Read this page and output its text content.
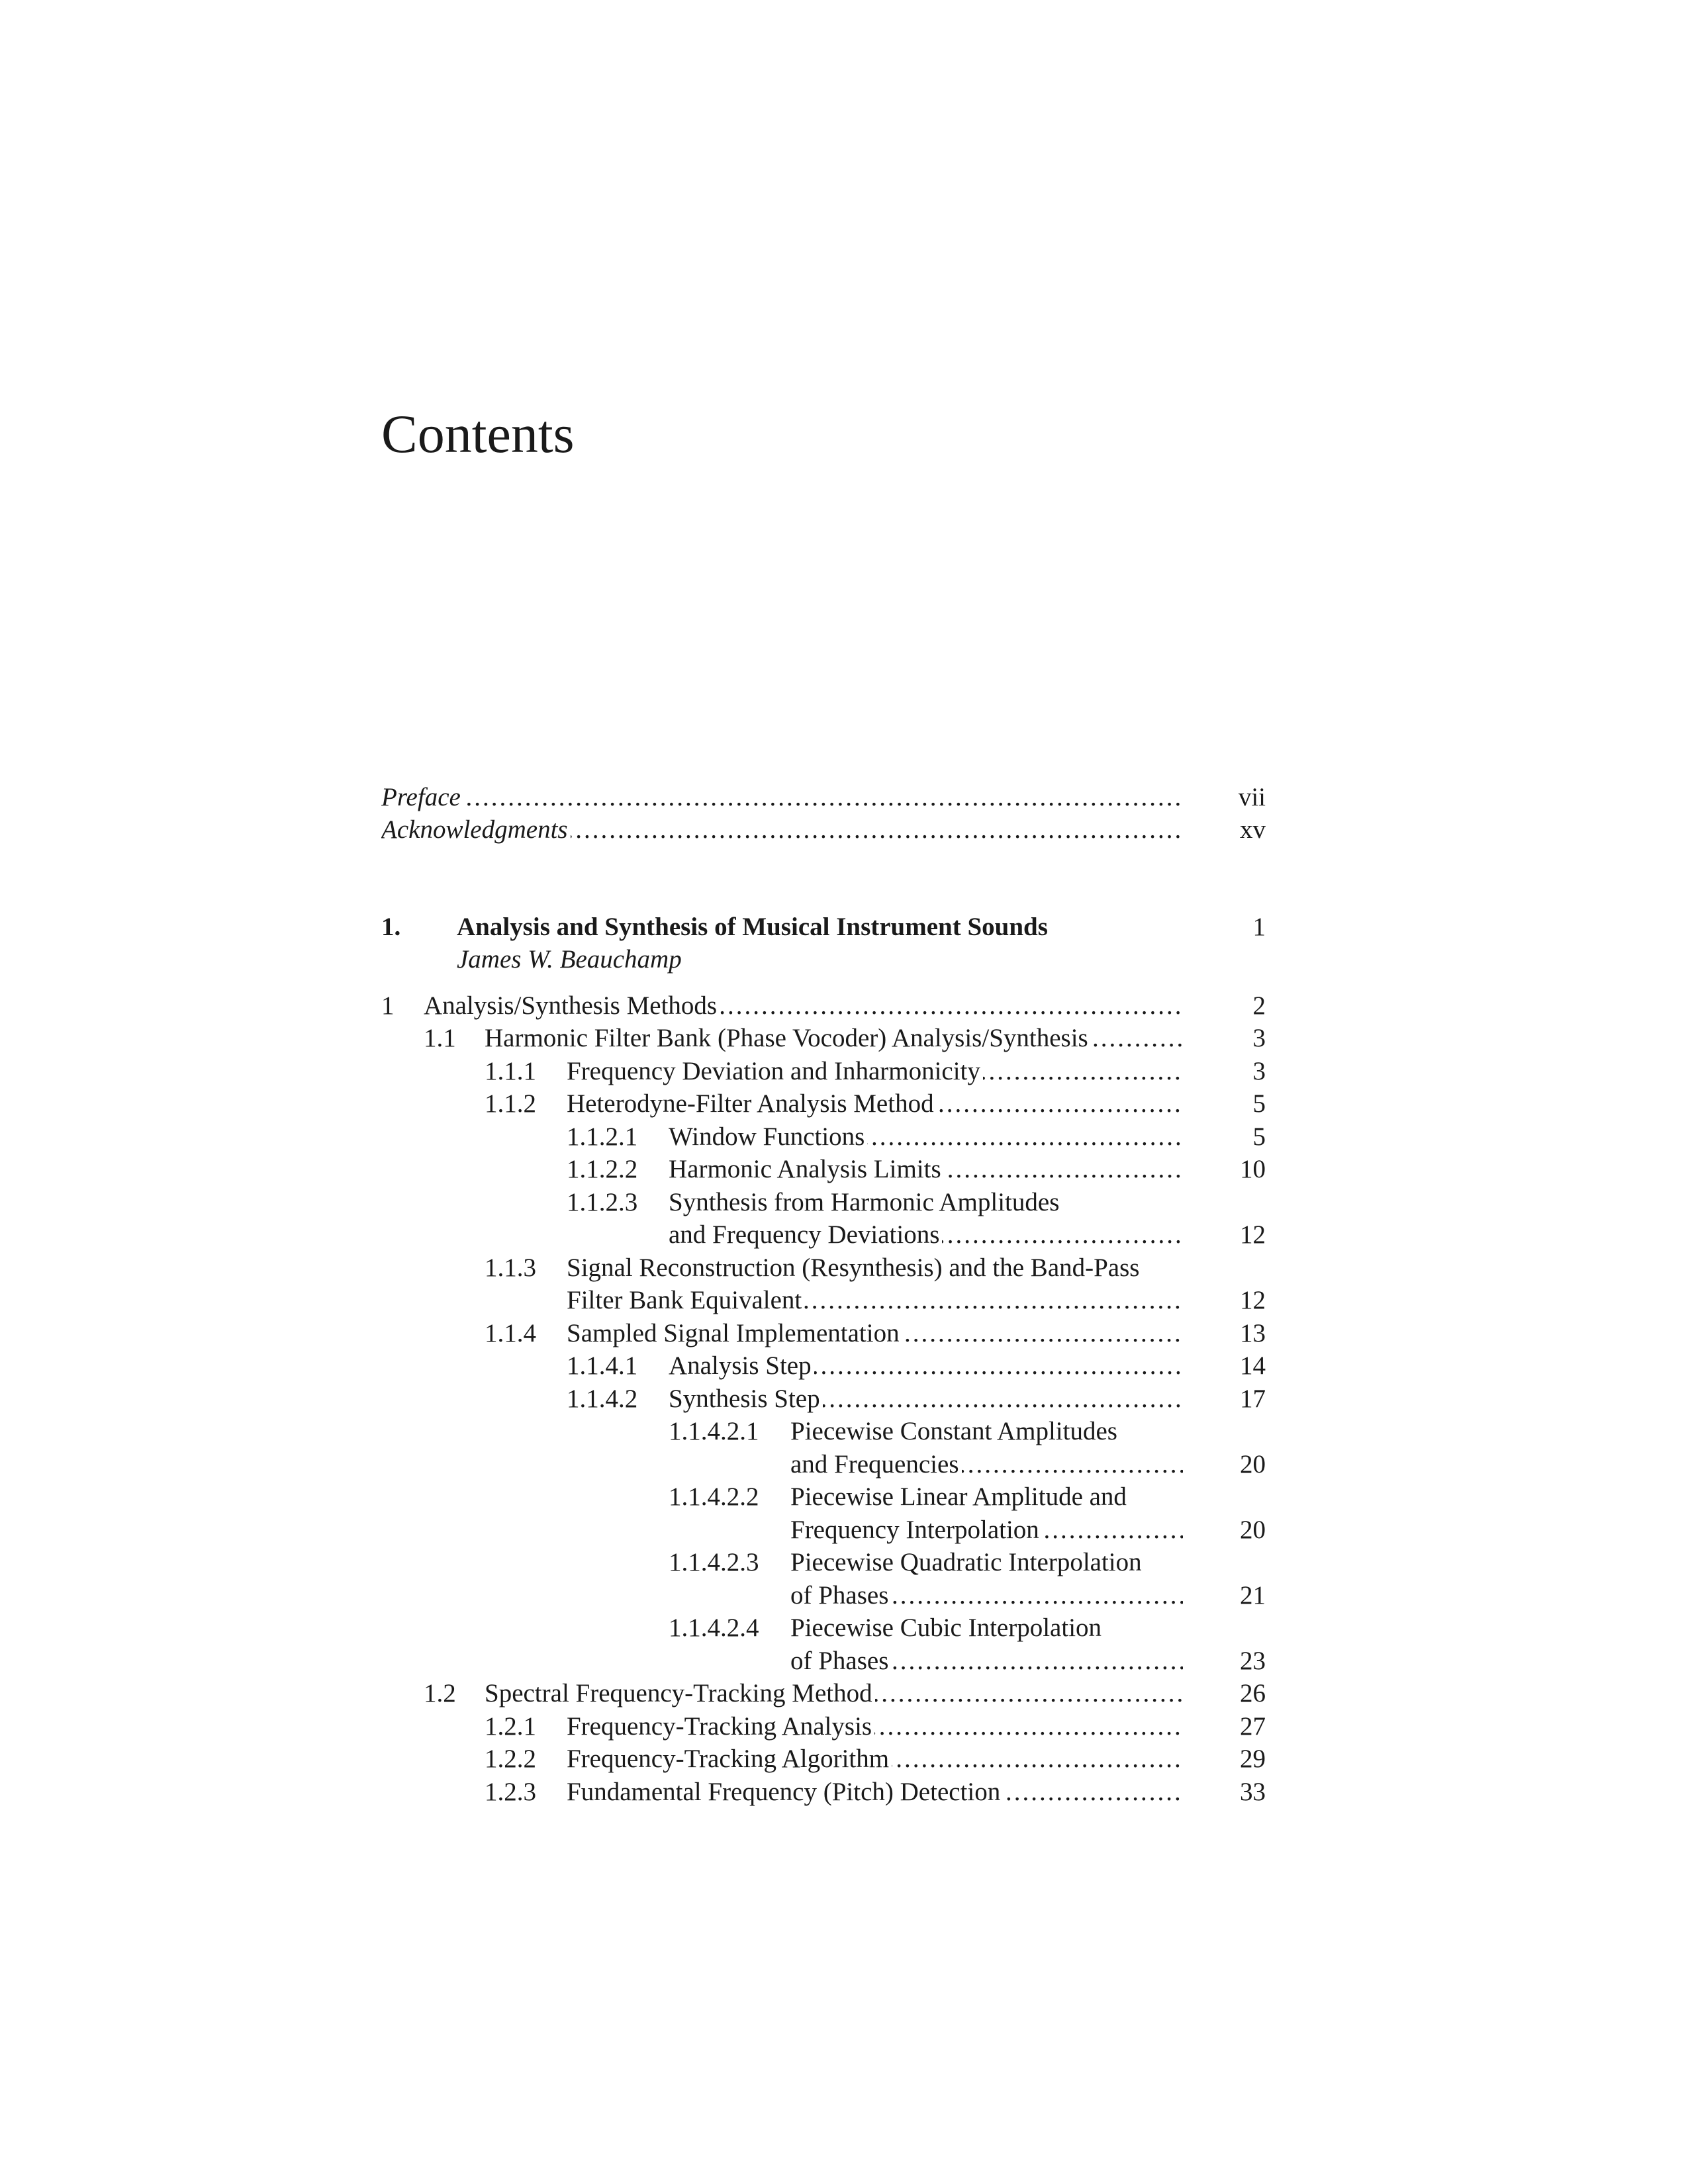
Contents
Preface .....	vii
Acknowledgments .....	xv
1. Analysis and Synthesis of Musical Instrument Sounds	1
James W. Beauchamp
1 Analysis/Synthesis Methods .....	2
1.1 Harmonic Filter Bank (Phase Vocoder) Analysis/Synthesis .....	3
1.1.1 Frequency Deviation and Inharmonicity .....	3
1.1.2 Heterodyne-Filter Analysis Method .....	5
1.1.2.1 Window Functions .....	5
1.1.2.2 Harmonic Analysis Limits .....	10
1.1.2.3 Synthesis from Harmonic Amplitudes
and Frequency Deviations .....	12
1.1.3 Signal Reconstruction (Resynthesis) and the Band-Pass
Filter Bank Equivalent .....	12
1.1.4 Sampled Signal Implementation .....	13
1.1.4.1 Analysis Step .....	14
1.1.4.2 Synthesis Step .....	17
1.1.4.2.1 Piecewise Constant Amplitudes
and Frequencies .....	20
1.1.4.2.2 Piecewise Linear Amplitude and
Frequency Interpolation .....	20
1.1.4.2.3 Piecewise Quadratic Interpolation
of Phases .....	21
1.1.4.2.4 Piecewise Cubic Interpolation
of Phases .....	23
1.2 Spectral Frequency-Tracking Method .....	26
1.2.1 Frequency-Tracking Analysis .....	27
1.2.2 Frequency-Tracking Algorithm .....	29
1.2.3 Fundamental Frequency (Pitch) Detection .....	33
